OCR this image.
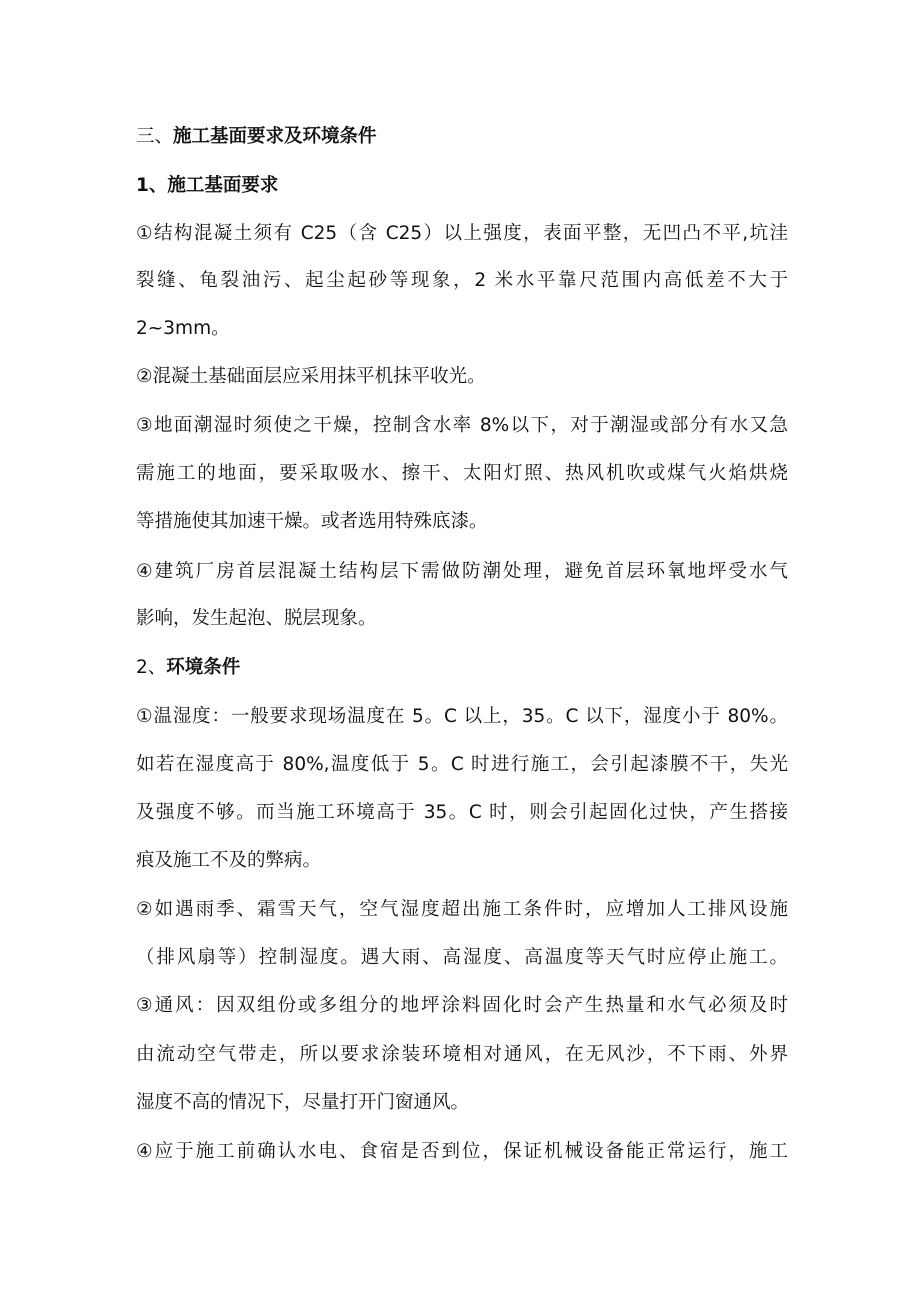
三、施工基面要求及环境条件
1、施工基面要求
①结构混凝土须有 C25（含 C25）以上强度，表面平整，无凹凸不平,坑洼
裂缝、龟裂油污、起尘起砂等现象，2 米水平靠尺范围内高低差不大于
2~3mm。
②混凝土基础面层应采用抹平机抹平收光。
③地面潮湿时须使之干燥，控制含水率 8%以下，对于潮湿或部分有水又急
需施工的地面，要采取吸水、擦干、太阳灯照、热风机吹或煤气火焰烘烧
等措施使其加速干燥。或者选用特殊底漆。
④建筑厂房首层混凝土结构层下需做防潮处理，避免首层环氧地坪受水气
影响，发生起泡、脱层现象。
2、环境条件
①温湿度：一般要求现场温度在 5。C 以上，35。C 以下，湿度小于 80%。
如若在湿度高于 80%,温度低于 5。C 时进行施工，会引起漆膜不干，失光
及强度不够。而当施工环境高于 35。C 时，则会引起固化过快，产生搭接
痕及施工不及的弊病。
②如遇雨季、霜雪天气，空气湿度超出施工条件时，应增加人工排风设施
（排风扇等）控制湿度。遇大雨、高湿度、高温度等天气时应停止施工。
③通风：因双组份或多组分的地坪涂料固化时会产生热量和水气必须及时
由流动空气带走，所以要求涂装环境相对通风，在无风沙，不下雨、外界
湿度不高的情况下，尽量打开门窗通风。
④应于施工前确认水电、食宿是否到位，保证机械设备能正常运行，施工
